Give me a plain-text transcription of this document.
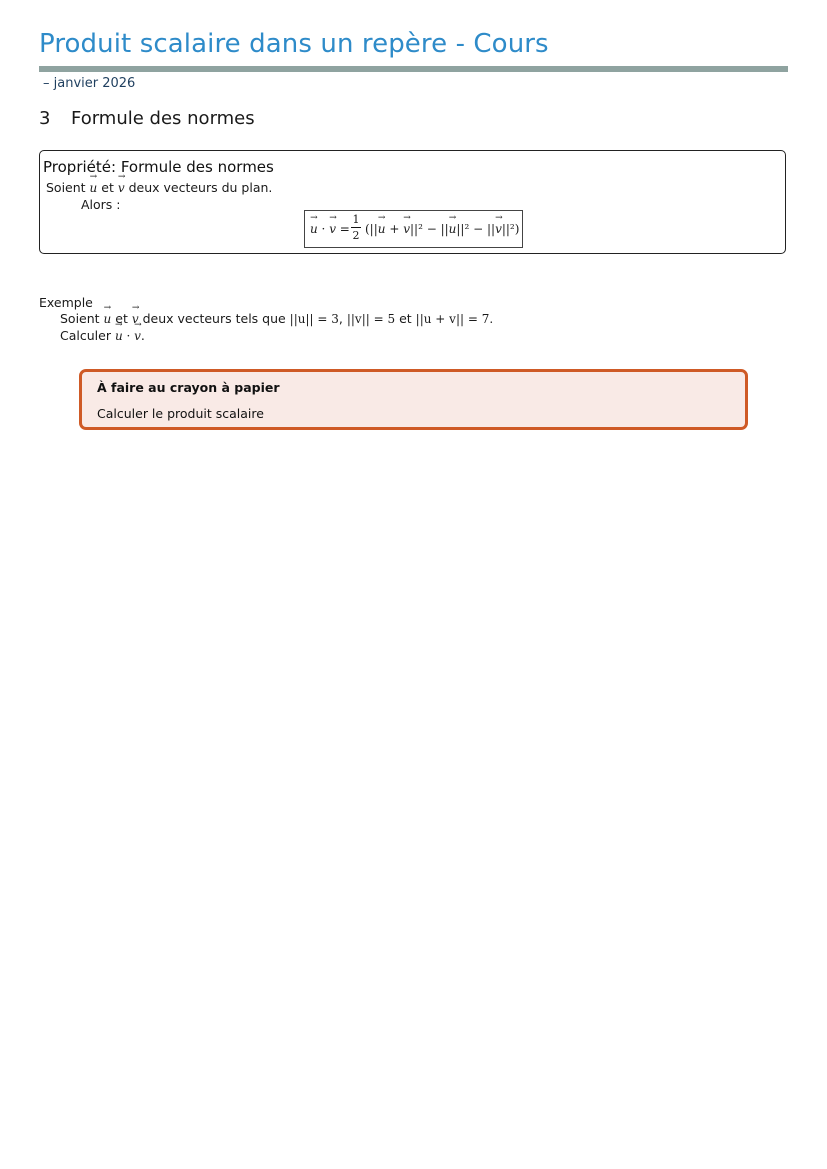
Produit scalaire dans un repère - Cours
– janvier 2026
3 Formule des normes
Propriété: Formule des normes
Soient → u et → v deux vecteurs du plan.
Alors :
→ u · → v =
1
2 (||→ u + → v||² − ||→ u||² − ||→ v||²)
Exemple
Soient → u et → v deux vecteurs tels que ||u|| = 3, ||v|| = 5 et ||u + v|| = 7.
Calculer → u · → v.
À faire au crayon à papier
Calculer le produit scalaire
